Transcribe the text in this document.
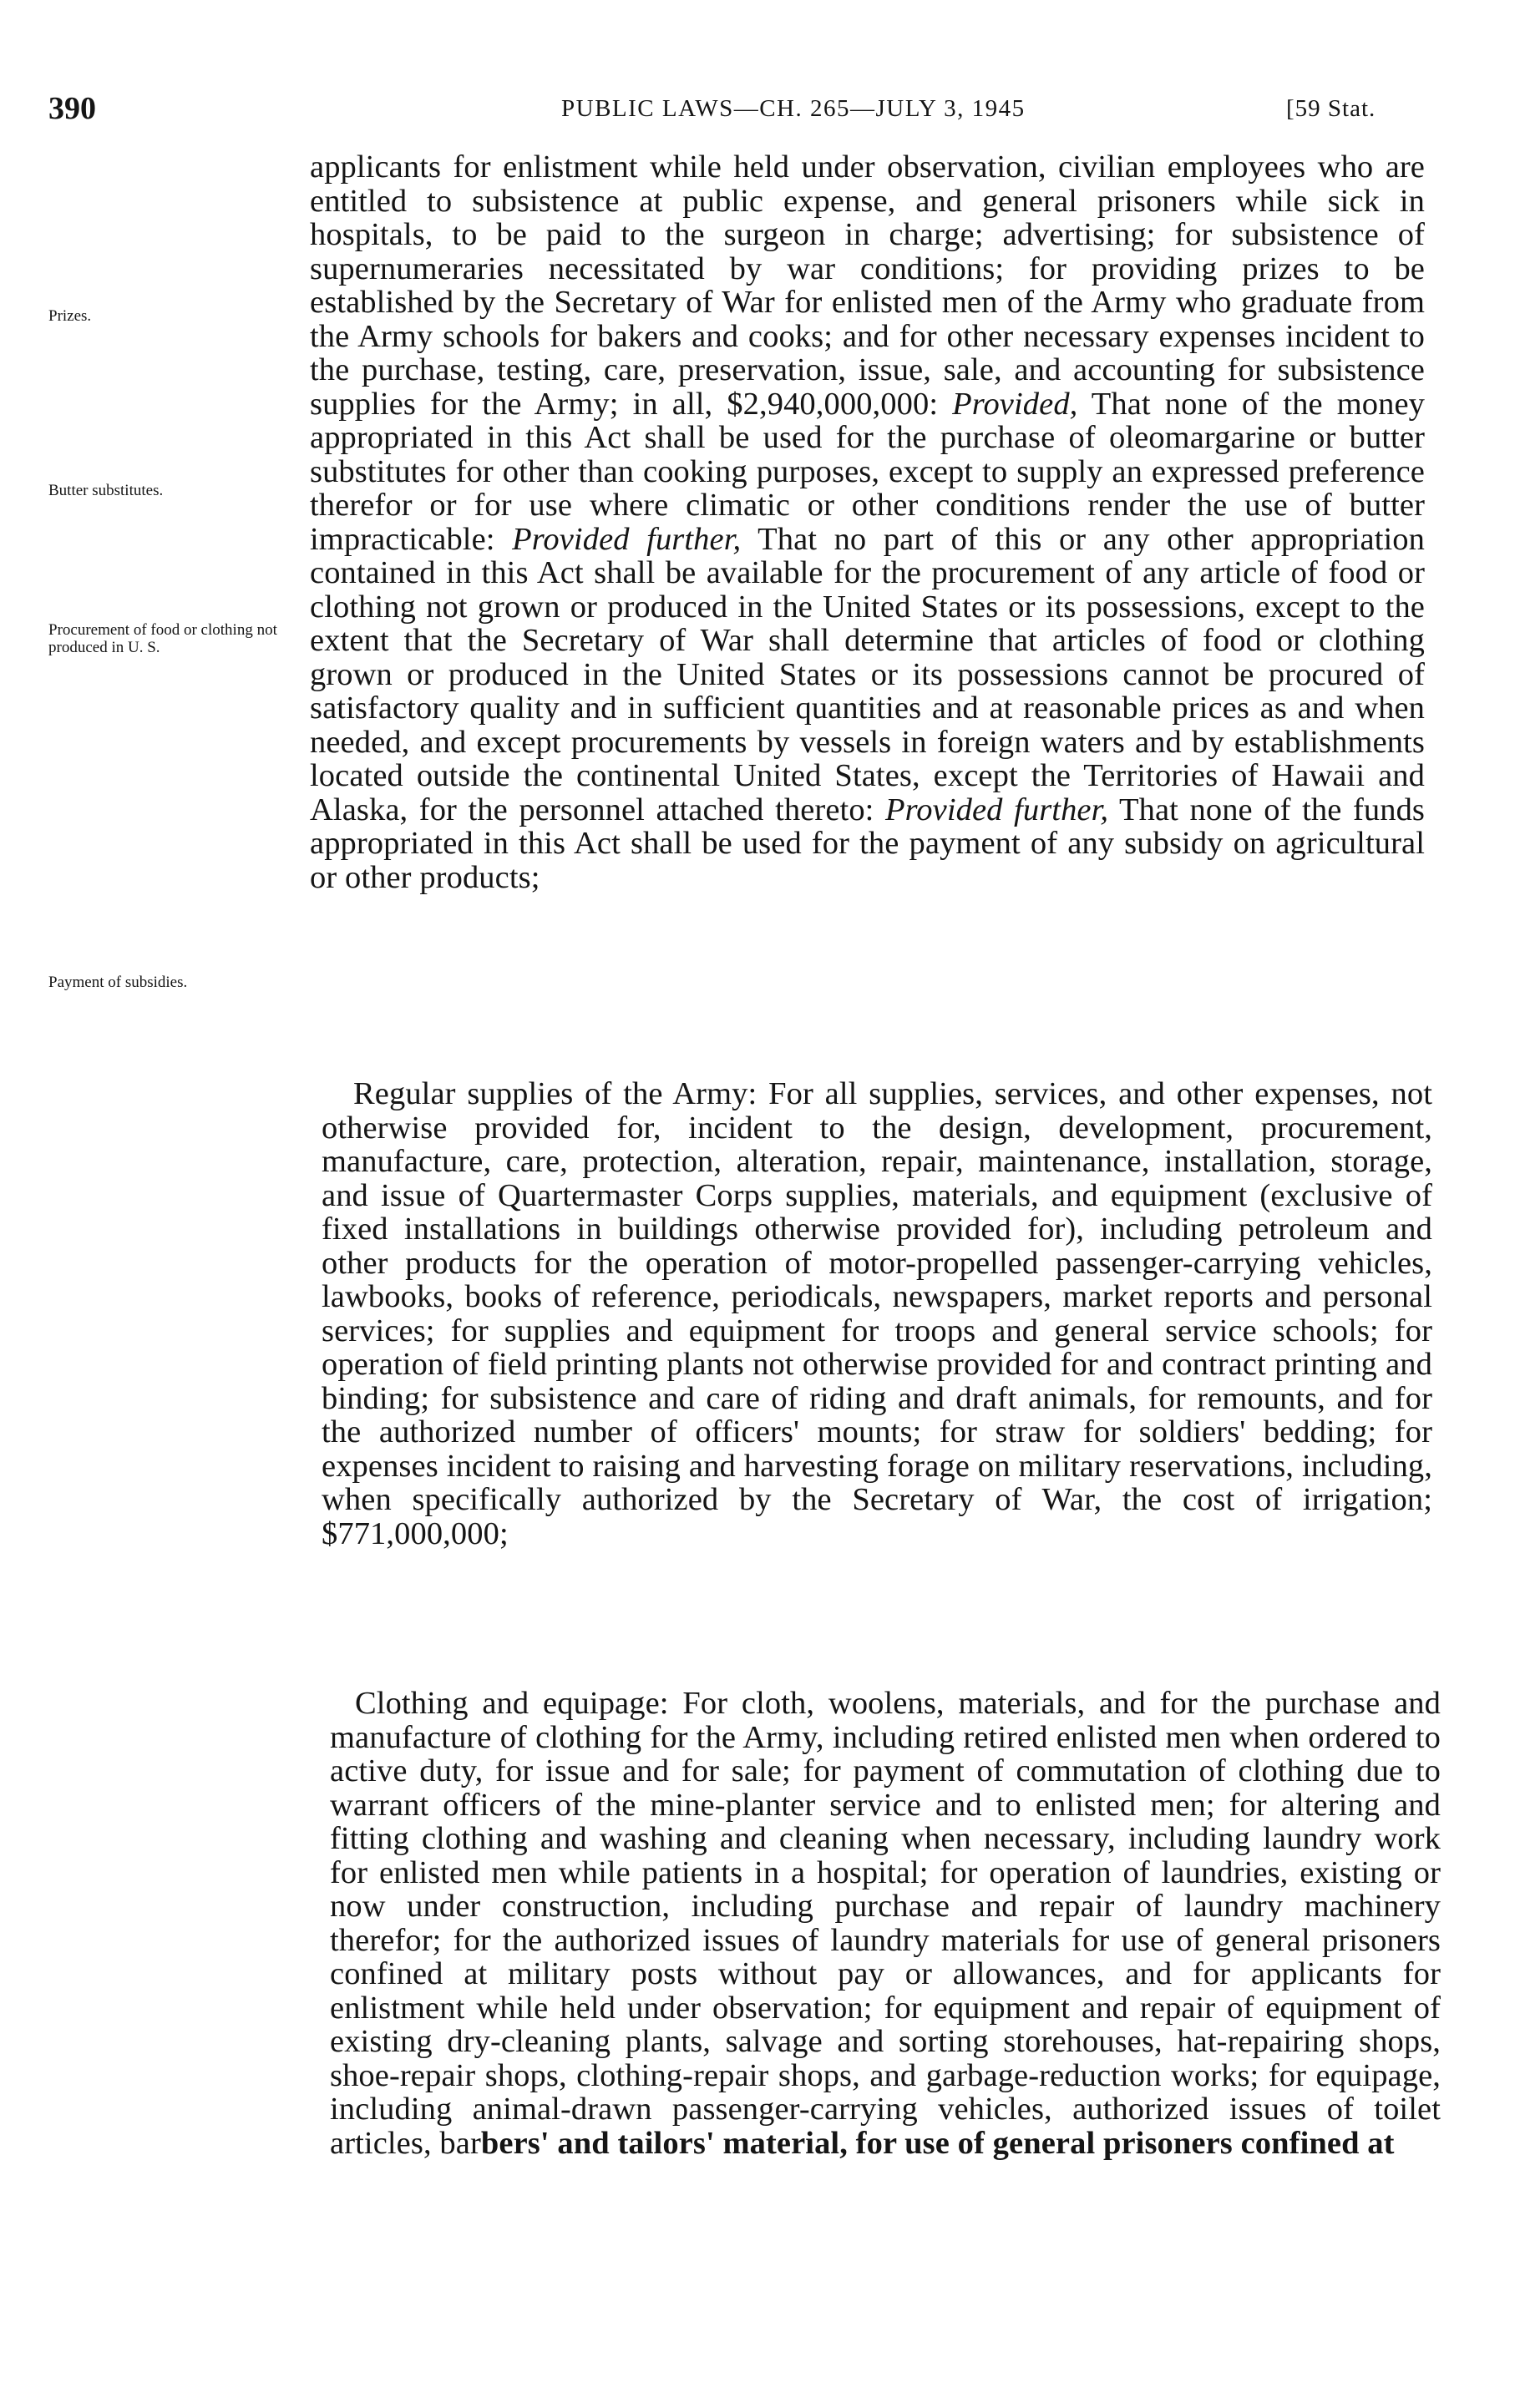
390	PUBLIC LAWS—CH. 265—JULY 3, 1945	[59 Stat.
Prizes.
Butter substitutes.
Procurement of food or clothing not produced in U. S.
Payment of subsidies.
applicants for enlistment while held under observation, civilian employees who are entitled to subsistence at public expense, and general prisoners while sick in hospitals, to be paid to the surgeon in charge; advertising; for subsistence of supernumeraries necessitated by war conditions; for providing prizes to be established by the Secretary of War for enlisted men of the Army who graduate from the Army schools for bakers and cooks; and for other necessary expenses incident to the purchase, testing, care, preservation, issue, sale, and accounting for subsistence supplies for the Army; in all, $2,940,000,000: Provided, That none of the money appropriated in this Act shall be used for the purchase of oleomargarine or butter substitutes for other than cooking purposes, except to supply an expressed preference therefor or for use where climatic or other conditions render the use of butter impracticable: Provided further, That no part of this or any other appropriation contained in this Act shall be available for the procurement of any article of food or clothing not grown or produced in the United States or its possessions, except to the extent that the Secretary of War shall determine that articles of food or clothing grown or produced in the United States or its possessions cannot be procured of satisfactory quality and in sufficient quantities and at reasonable prices as and when needed, and except procurements by vessels in foreign waters and by establishments located outside the continental United States, except the Territories of Hawaii and Alaska, for the personnel attached thereto: Provided further, That none of the funds appropriated in this Act shall be used for the payment of any subsidy on agricultural or other products;
Regular supplies of the Army: For all supplies, services, and other expenses, not otherwise provided for, incident to the design, development, procurement, manufacture, care, protection, alteration, repair, maintenance, installation, storage, and issue of Quartermaster Corps supplies, materials, and equipment (exclusive of fixed installations in buildings otherwise provided for), including petroleum and other products for the operation of motor-propelled passenger-carrying vehicles, lawbooks, books of reference, periodicals, newspapers, market reports and personal services; for supplies and equipment for troops and general service schools; for operation of field printing plants not otherwise provided for and contract printing and binding; for subsistence and care of riding and draft animals, for remounts, and for the authorized number of officers' mounts; for straw for soldiers' bedding; for expenses incident to raising and harvesting forage on military reservations, including, when specifically authorized by the Secretary of War, the cost of irrigation; $771,000,000;
Clothing and equipage: For cloth, woolens, materials, and for the purchase and manufacture of clothing for the Army, including retired enlisted men when ordered to active duty, for issue and for sale; for payment of commutation of clothing due to warrant officers of the mine-planter service and to enlisted men; for altering and fitting clothing and washing and cleaning when necessary, including laundry work for enlisted men while patients in a hospital; for operation of laundries, existing or now under construction, including purchase and repair of laundry machinery therefor; for the authorized issues of laundry materials for use of general prisoners confined at military posts without pay or allowances, and for applicants for enlistment while held under observation; for equipment and repair of equipment of existing dry-cleaning plants, salvage and sorting storehouses, hat-repairing shops, shoe-repair shops, clothing-repair shops, and garbage-reduction works; for equipage, including animal-drawn passenger-carrying vehicles, authorized issues of toilet articles, barbers' and tailors' material, for use of general prisoners confined at
